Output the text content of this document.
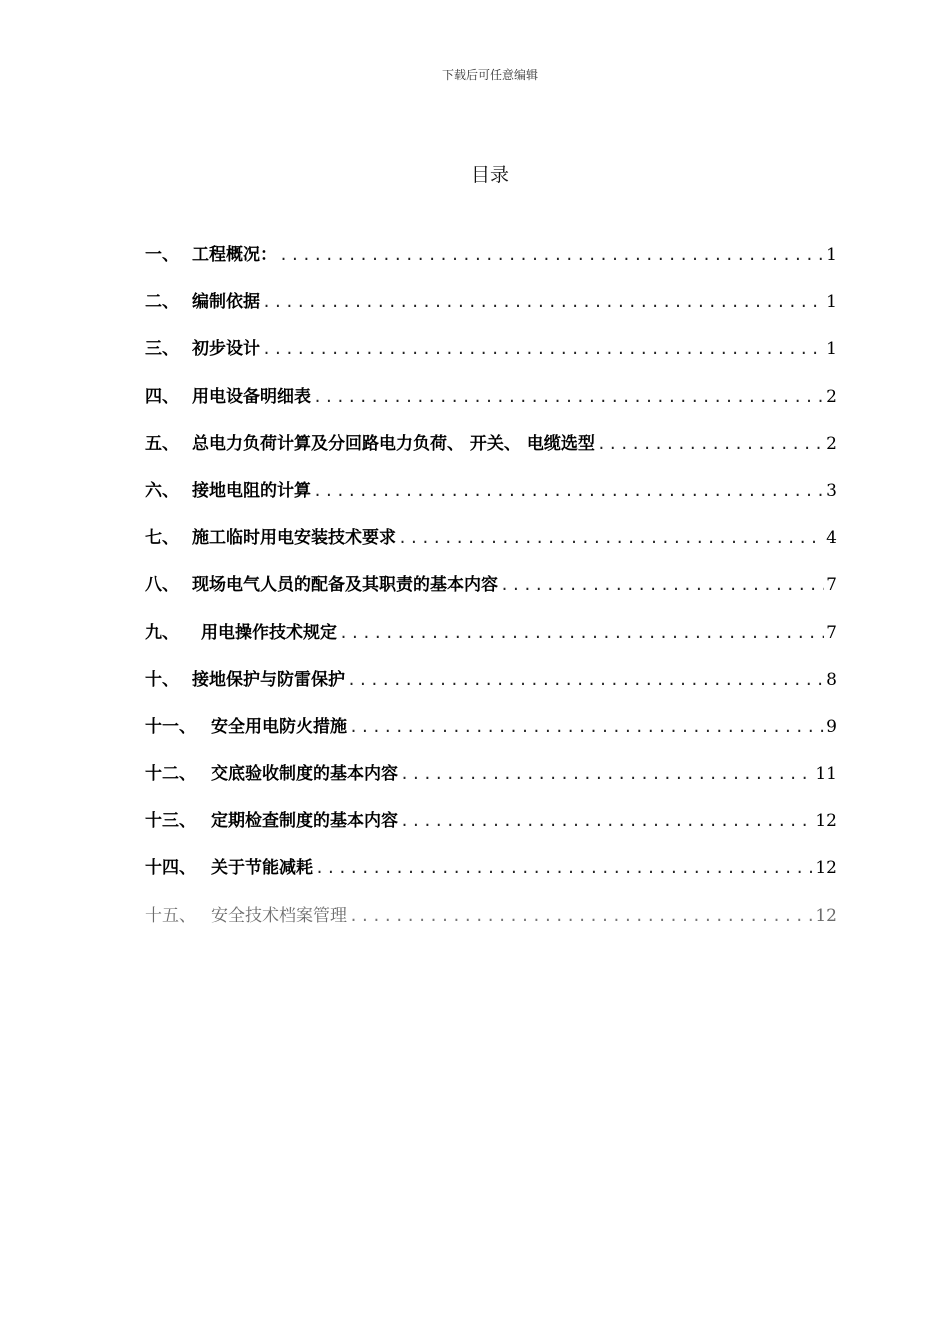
下载后可任意编辑
目录
一、 工程概况： .....	1
二、 编制依据 .....	1
三、 初步设计 .....	1
四、 用电设备明细表 .....	2
五、 总电力负荷计算及分回路电力负荷、 开关、 电缆选型 .....	2
六、 接地电阻的计算 .....	3
七、 施工临时用电安装技术要求 .....	4
八、 现场电气人员的配备及其职责的基本内容 .....	7
九、	用电操作技术规定 .....	7
十、 接地保护与防雷保护 .....	8
十一、 安全用电防火措施 .....	9
十二、 交底验收制度的基本内容 .....	11
十三、 定期检查制度的基本内容 .....	12
十四、 关于节能减耗 .....	12
十五、 安全技术档案管理 .....	12
